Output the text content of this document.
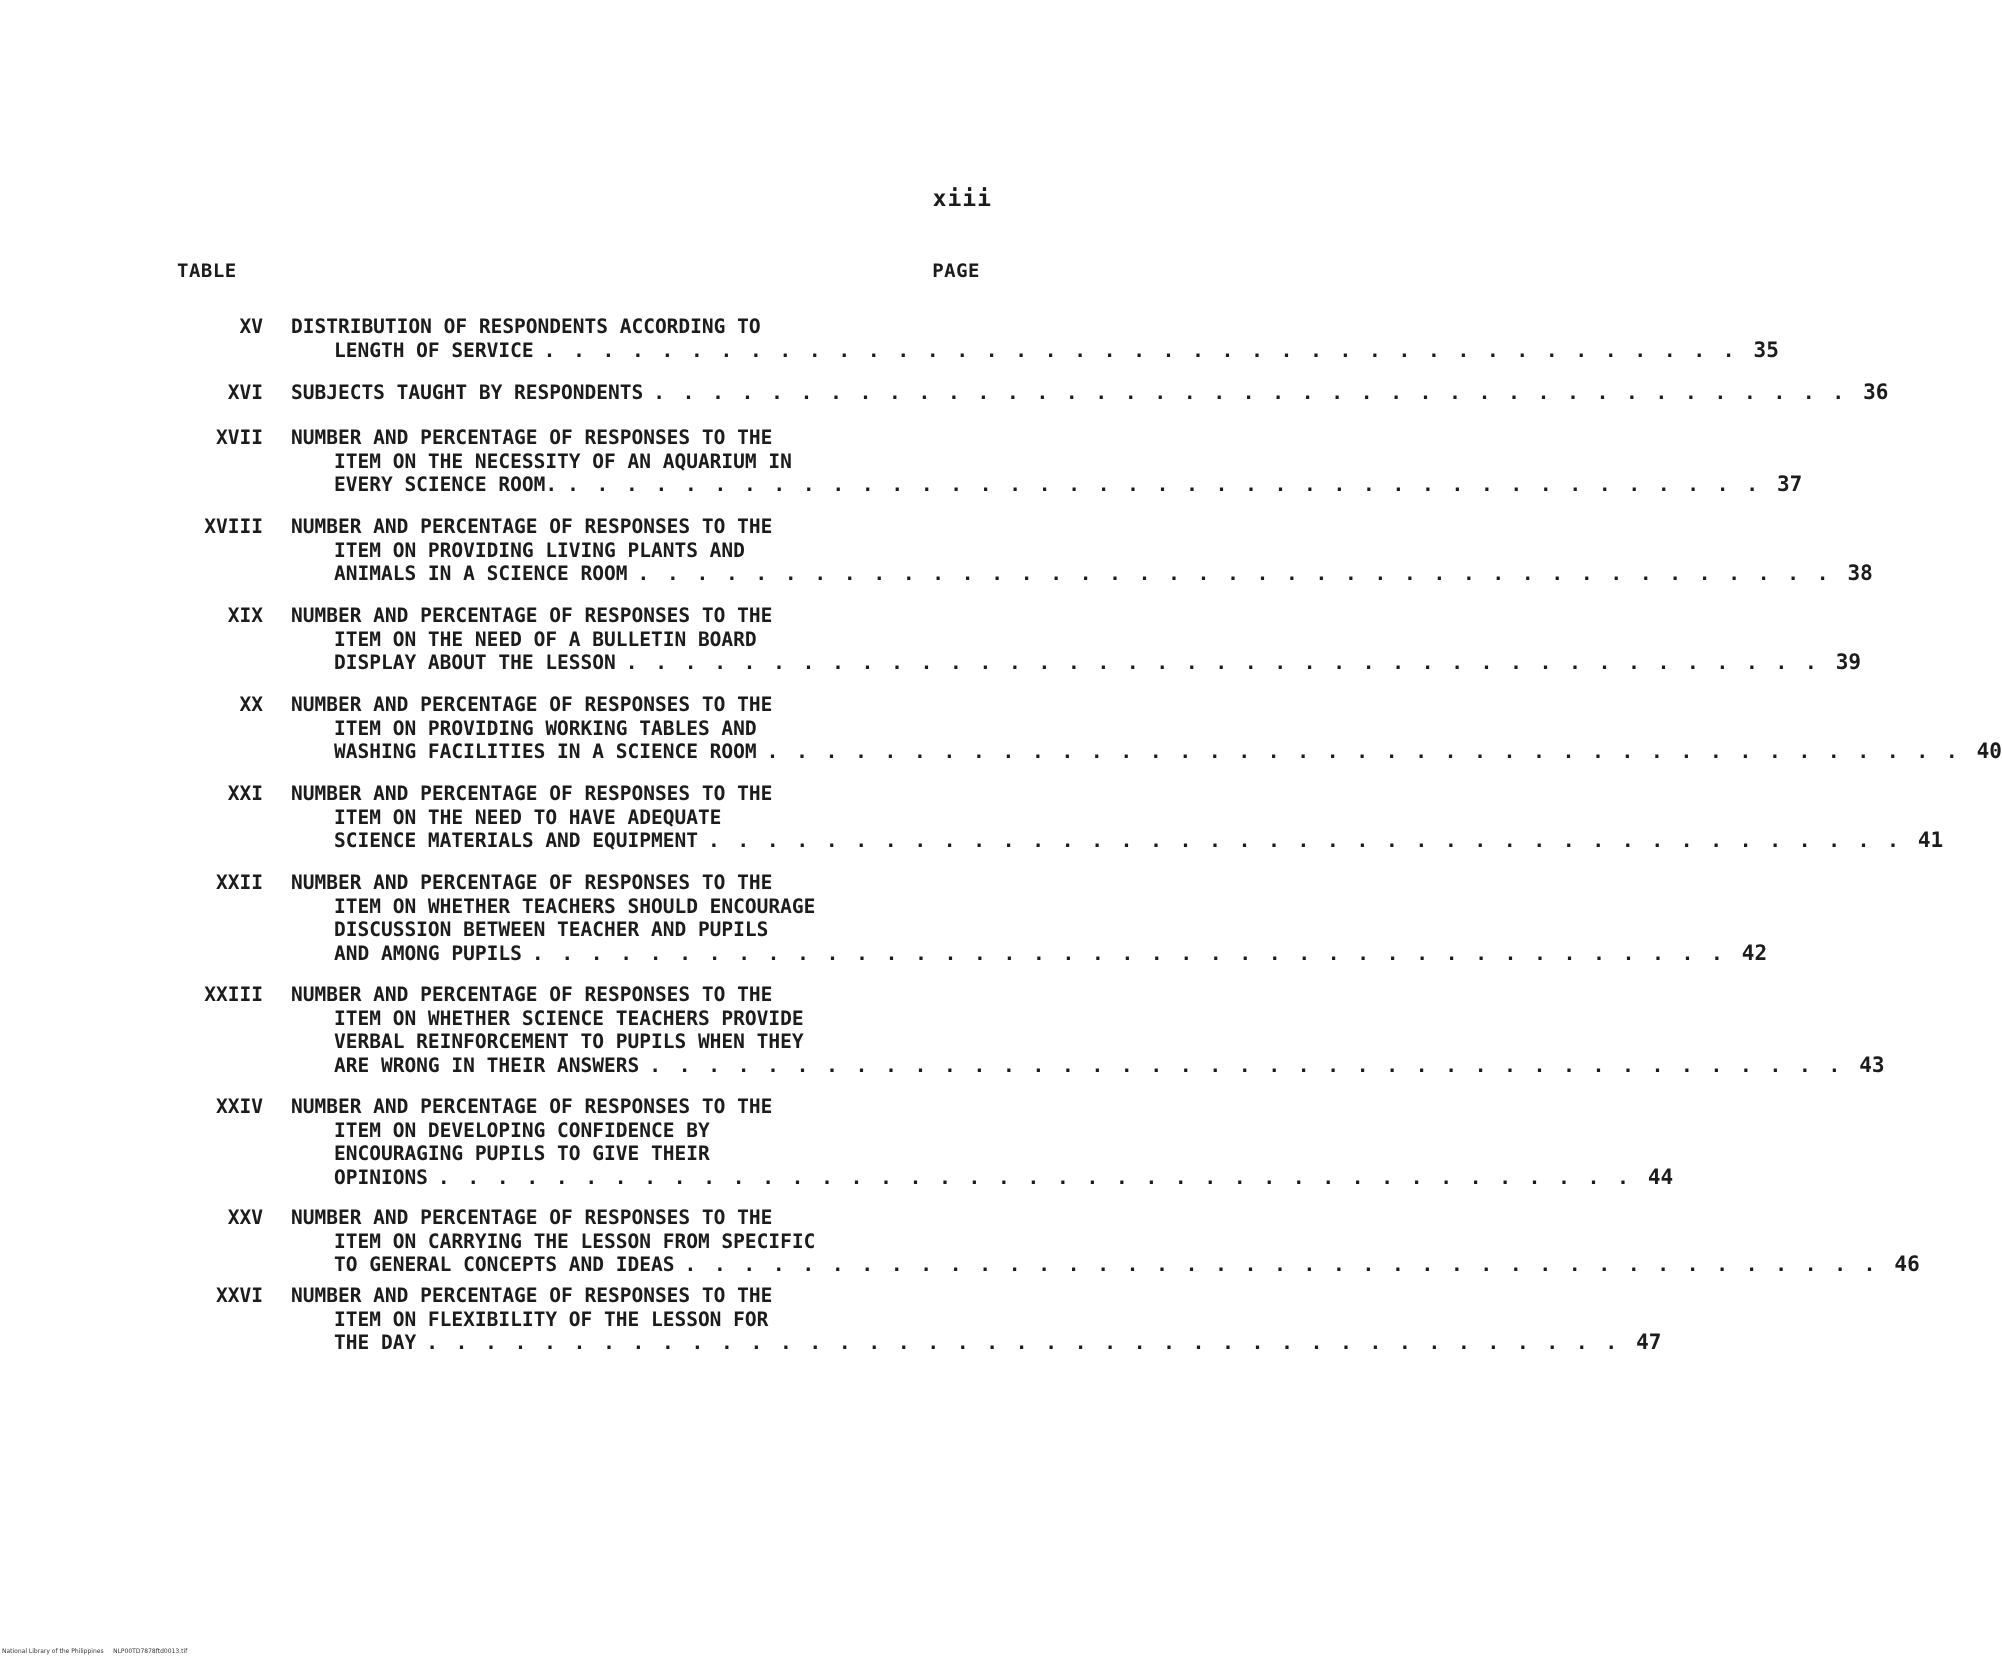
xiii
TABLE	PAGE
XV	DISTRIBUTION OF RESPONDENTS ACCORDING TO
LENGTH OF SERVICE . . . . . . . . . . . . . . . . . . . . . . . . . . . . . . . . . . . . . . . . . 35
XVI SUBJECTS TAUGHT BY RESPONDENTS . . . . . . . . . . . . . . . . . . . . . . . . . . . . . . . . . . . . . . . . . 36
XVII	NUMBER AND PERCENTAGE OF RESPONSES TO THE
ITEM ON THE NECESSITY OF AN AQUARIUM IN
EVERY SCIENCE ROOM. . . . . . . . . . . . . . . . . . . . . . . . . . . . . . . . . . . . . . . . . . 37
XVIII	NUMBER AND PERCENTAGE OF RESPONSES TO THE
ITEM ON PROVIDING LIVING PLANTS AND
ANIMALS IN A SCIENCE ROOM . . . . . . . . . . . . . . . . . . . . . . . . . . . . . . . . . . . . . . . . . 38
XIX	NUMBER AND PERCENTAGE OF RESPONSES TO THE
ITEM ON THE NEED OF A BULLETIN BOARD
DISPLAY ABOUT THE LESSON . . . . . . . . . . . . . . . . . . . . . . . . . . . . . . . . . . . . . . . . . 39
XX	NUMBER AND PERCENTAGE OF RESPONSES TO THE
ITEM ON PROVIDING WORKING TABLES AND
WASHING FACILITIES IN A SCIENCE ROOM . . . . . . . . . . . . . . . . . . . . . . . . . . . . . . . . . . . . . . . . . 40
XXI	NUMBER AND PERCENTAGE OF RESPONSES TO THE
ITEM ON THE NEED TO HAVE ADEQUATE
SCIENCE MATERIALS AND EQUIPMENT . . . . . . . . . . . . . . . . . . . . . . . . . . . . . . . . . . . . . . . . . 41
XXII	NUMBER AND PERCENTAGE OF RESPONSES TO THE
ITEM ON WHETHER TEACHERS SHOULD ENCOURAGE
DISCUSSION BETWEEN TEACHER AND PUPILS
AND AMONG PUPILS . . . . . . . . . . . . . . . . . . . . . . . . . . . . . . . . . . . . . . . . . 42
XXIII	NUMBER AND PERCENTAGE OF RESPONSES TO THE
ITEM ON WHETHER SCIENCE TEACHERS PROVIDE
VERBAL REINFORCEMENT TO PUPILS WHEN THEY
ARE WRONG IN THEIR ANSWERS . . . . . . . . . . . . . . . . . . . . . . . . . . . . . . . . . . . . . . . . . 43
XXIV	NUMBER AND PERCENTAGE OF RESPONSES TO THE
ITEM ON DEVELOPING CONFIDENCE BY
ENCOURAGING PUPILS TO GIVE THEIR
OPINIONS . . . . . . . . . . . . . . . . . . . . . . . . . . . . . . . . . . . . . . . . . 44
XXV	NUMBER AND PERCENTAGE OF RESPONSES TO THE
ITEM ON CARRYING THE LESSON FROM SPECIFIC
TO GENERAL CONCEPTS AND IDEAS . . . . . . . . . . . . . . . . . . . . . . . . . . . . . . . . . . . . . . . . . 46
XXVI	NUMBER AND PERCENTAGE OF RESPONSES TO THE
ITEM ON FLEXIBILITY OF THE LESSON FOR
THE DAY . . . . . . . . . . . . . . . . . . . . . . . . . . . . . . . . . . . . . . . . . 47
National Library of the Philippines     NLP00TD7878ftd0013.tif
